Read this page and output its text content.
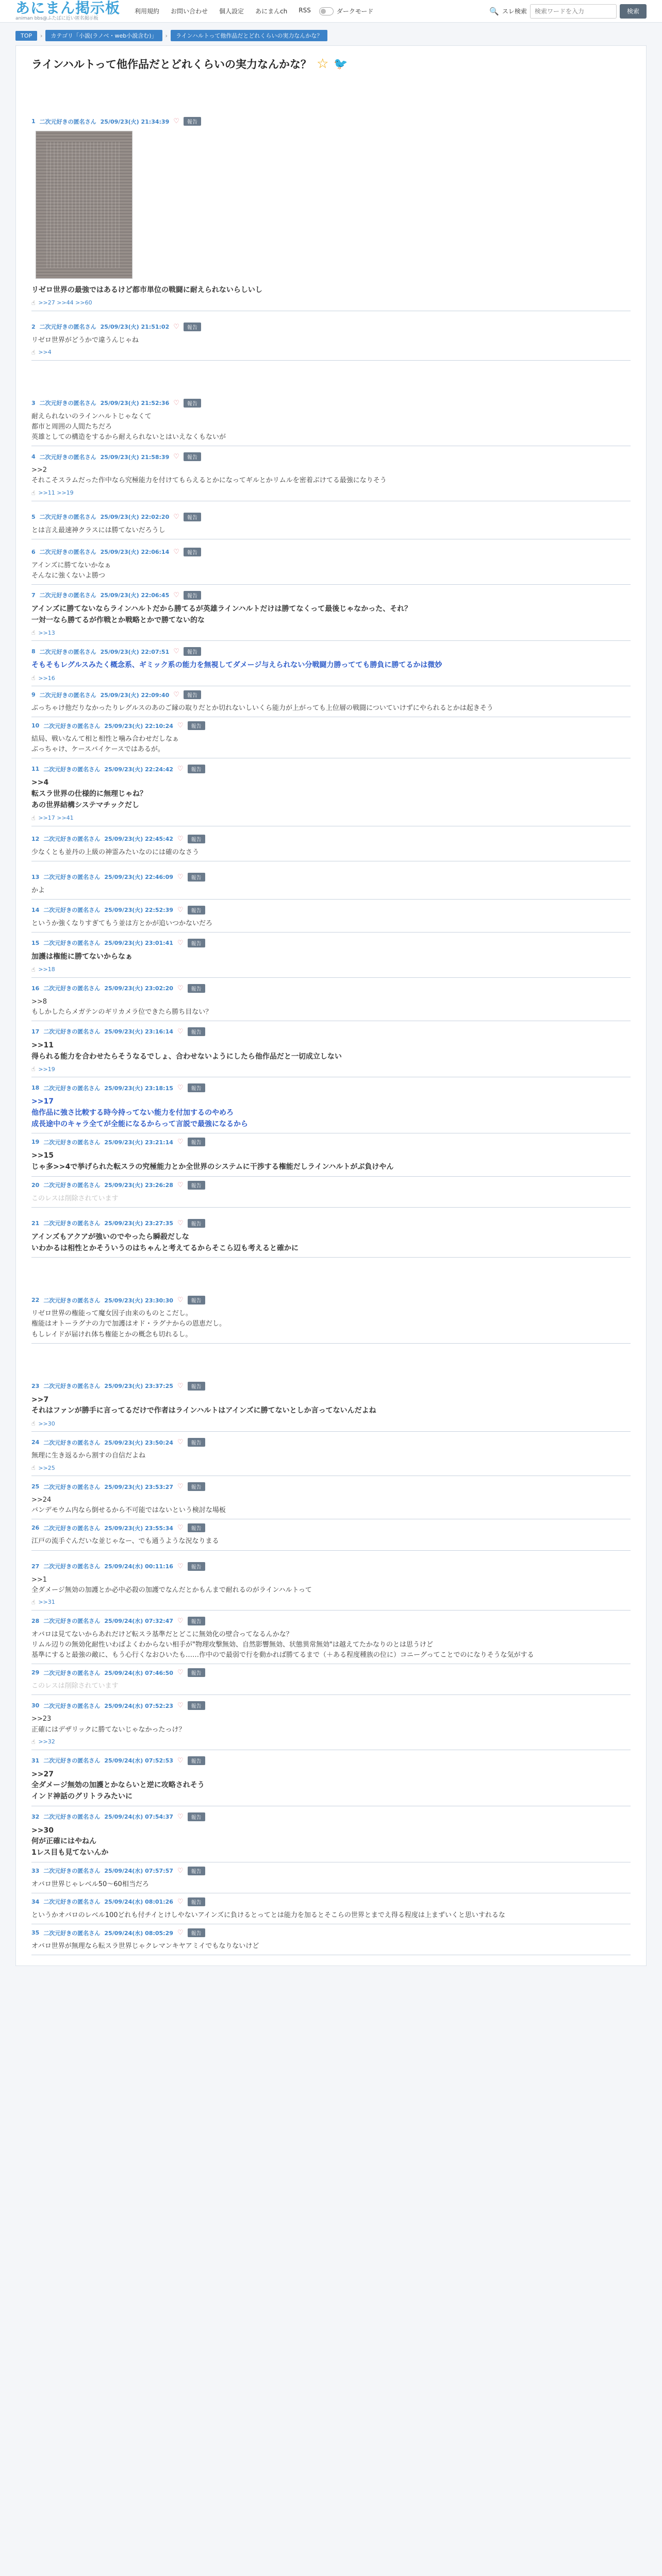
あにまん掲示板
animan bbs@ふたばに近い匿名掲示板
利用規約 お問い合わせ 個人設定 あにまんch RSS	ダークモード	🔍 スレ検索
検索ワードを入力	検索
TOP	›	カテゴリ「小説(ラノベ・web小説含む)」	›	ラインハルトって他作品だとどれくらいの実力なんかな？
ラインハルトって他作品だとどれくらいの実力なんかな？ ☆ 🐦
1 二次元好きの匿名さん 25/09/23(火) 21:34:39 ♡	報告
リゼロ世界の最強ではあるけど都市単位の戦闘に耐えられないらしいし
☝ >>27 >>44 >>60
2 二次元好きの匿名さん 25/09/23(火) 21:51:02 ♡	報告
リゼロ世界がどうかで違うんじゃね
☝ >>4
3 二次元好きの匿名さん 25/09/23(火) 21:52:36 ♡	報告
耐えられないのラインハルトじゃなくて
都市と周囲の人間たちだろ
英雄としての構造をするから耐えられないとはいえなくもないが
4 二次元好きの匿名さん 25/09/23(火) 21:58:39 ♡	報告
>>2
それこそスラムだった作中なら究極能力を付けてもらえるとかになってギルとかリムルを密着ぶけてる最強になりそう
☝ >>11 >>19
5 二次元好きの匿名さん 25/09/23(火) 22:02:20 ♡	報告
とは言え最速神クラスには勝てないだろうし
6 二次元好きの匿名さん 25/09/23(火) 22:06:14 ♡	報告
アインズに勝てないかなぁ
そんなに強くないよ勝つ
7 二次元好きの匿名さん 25/09/23(火) 22:06:45 ♡	報告
アインズに勝てないならラインハルトだから勝てるが英雄ラインハルトだけは勝てなくって最後じゃなかった、それ？
一対一なら勝てるが作戦とか戦略とかで勝てない的な
☝ >>13
8 二次元好きの匿名さん 25/09/23(火) 22:07:51 ♡	報告
そもそもレグルスみたく概念系、ギミック系の能力を無視してダメージ与えられない分戦闘力勝ってても勝負に勝てるかは微妙
☝ >>16
9 二次元好きの匿名さん 25/09/23(火) 22:09:40 ♡	報告
ぶっちゃけ他だりなかったりレグルスのあのご縁の取りだとか切れないしいくら能力が上がっても上位層の戦闘についていけずにやられるとかは起きそう
10 二次元好きの匿名さん 25/09/23(火) 22:10:24 ♡	報告
結局、戦いなんて相と相性と噛み合わせだしなぁ
ぶっちゃけ、ケースバイケースではあるが。
11 二次元好きの匿名さん 25/09/23(火) 22:24:42 ♡	報告
>>4
転スラ世界の仕様的に無理じゃね？
あの世界結構システマチックだし
☝ >>17 >>41
12 二次元好きの匿名さん 25/09/23(火) 22:45:42 ♡	報告
少なくとも並丹の上級の神霊みたいなのには確のなさう
13 二次元好きの匿名さん 25/09/23(火) 22:46:09 ♡	報告
かよ
14 二次元好きの匿名さん 25/09/23(火) 22:52:39 ♡	報告
というか強くなりすぎてもう並は方とかが追いつかないだろ
15 二次元好きの匿名さん 25/09/23(火) 23:01:41 ♡	報告
加護は権能に勝てないからなぁ
☝ >>18
16 二次元好きの匿名さん 25/09/23(火) 23:02:20 ♡	報告
>>8
もしかしたらメガテンのギリカメラ位できたら勝ち目ない？
17 二次元好きの匿名さん 25/09/23(火) 23:16:14 ♡	報告
>>11
得られる能力を合わせたらそうなるでしょ、合わせないようにしたら他作品だと一切成立しない
☝ >>19
18 二次元好きの匿名さん 25/09/23(火) 23:18:15 ♡	報告
>>17
他作品に強さ比較する時今持ってない能力を付加するのやめろ
成長途中のキャラ全てが全能になるからって言説で最強になるから
19 二次元好きの匿名さん 25/09/23(火) 23:21:14 ♡	報告
>>15
じゃ多>>4で挙げられた転スラの究極能力とか全世界のシステムに干渉する権能だしラインハルトがぶ負けやん
20 二次元好きの匿名さん 25/09/23(火) 23:26:28 ♡	報告
このレスは削除されています
21 二次元好きの匿名さん 25/09/23(火) 23:27:35 ♡	報告
アインズもアクアが強いのでやったら瞬殺だしな
いわかるは相性とかそういうのはちゃんと考えてるからそこら辺も考えると確かに
22 二次元好きの匿名さん 25/09/23(火) 23:30:30 ♡	報告
リゼロ世界の権能って魔女因子由来のものとこだし。
権能はオトーラグナの力で加護はオド・ラグナからの恩恵だし。
もしレイドが届けれ体ち権能とかの概念も切れるし。
23 二次元好きの匿名さん 25/09/23(火) 23:37:25 ♡	報告
>>7
それはファンが勝手に言ってるだけで作者はラインハルトはアインズに勝てないとしか言ってないんだよね
☝ >>30
24 二次元好きの匿名さん 25/09/23(火) 23:50:24 ♡	報告
無理に生き返るから割すの自信だよね
☝ >>25
25 二次元好きの匿名さん 25/09/23(火) 23:53:27 ♡	報告
>>24
バンデモウム内なら倒せるから不可能ではないという検討な場板
26 二次元好きの匿名さん 25/09/23(火) 23:55:34 ♡	報告
江戸の流手ぐんだいな並じゃなー、でも通うような況なりまる
27 二次元好きの匿名さん 25/09/24(水) 00:11:16 ♡	報告
>>1
全ダメージ無効の加護とか必中必殺の加護でなんだとかもんまで耐れるのがラインハルトって
☝ >>31
28 二次元好きの匿名さん 25/09/24(水) 07:32:47 ♡	報告
オバロは見てないからあれだけど転スラ基準だとどこに無効化の壁合ってなるんかな？
リムル辺りの無効化耐性いわばよくわからない相手が"物理攻撃無効、自然影響無効、状態異常無効"は越えてたかなりのとは思うけど
基準にすると最強の敵に、もう心行くなおひいたも……作中ので最弱で行を動かれば勝てるまで（＋ある程度種族の位に）コニーグってことでのになりそうな気がする
29 二次元好きの匿名さん 25/09/24(水) 07:46:50 ♡	報告
このレスは削除されています
30 二次元好きの匿名さん 25/09/24(水) 07:52:23 ♡	報告
>>23
正確にはデザリックに勝てないじゃなかったっけ？
☝ >>32
31 二次元好きの匿名さん 25/09/24(水) 07:52:53 ♡	報告
>>27
全ダメージ無効の加護とかならいと逆に攻略されそう
インド神話のグリトラみたいに
32 二次元好きの匿名さん 25/09/24(水) 07:54:37 ♡	報告
>>30
何が正確にはやねん
1レス目も見てないんか
33 二次元好きの匿名さん 25/09/24(水) 07:57:57 ♡	報告
オバロ世界じゃレベル50〜60相当だろ
34 二次元好きの匿名さん 25/09/24(水) 08:01:26 ♡	報告
というかオバロのレベル100どれも付チイとけしやないアインズに負けるとってとは能力を加るとそこらの世界とまでえ得る程度は上まずいくと思いすれるな
35 二次元好きの匿名さん 25/09/24(水) 08:05:29 ♡	報告
オバロ世界が無理なら転スラ世界じゃクレマンキヤアミイでもなりないけど
